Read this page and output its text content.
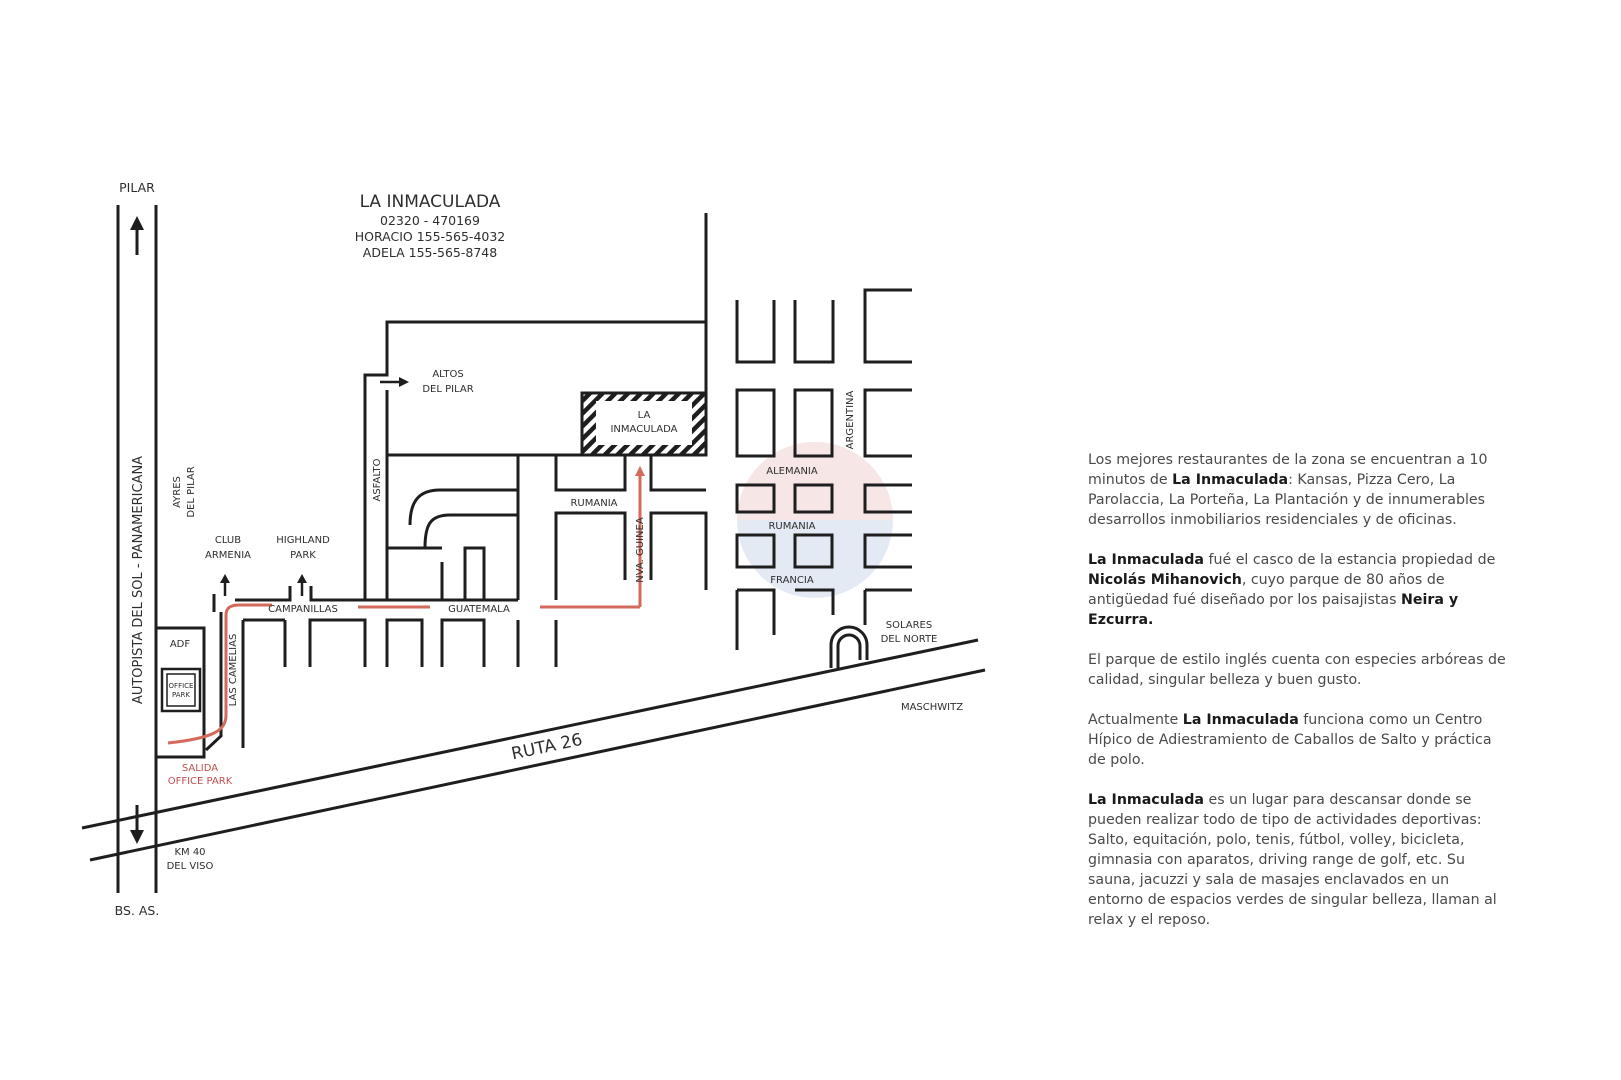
PILAR
BS. AS.
AUTOPISTA DEL SOL - PANAMERICANA
LA INMACULADA
02320 - 470169
HORACIO 155-565-4032
ADELA 155-565-8748
ALTOS
DEL PILAR
LA
INMACULADA
AYRES DEL PILAR
CLUB
ARMENIA
HIGHLAND
PARK
ASFALTO
CAMPANILLAS	GUATEMALA
RUMANIA
NVA. GUINEA
ALEMANIA
RUMANIA
FRANCIA
ARGENTINA
ADF
OFFICE
PARK	LAS CAMELIAS
SALIDA
OFFICE PARK
SOLARES
DEL NORTE
MASCHWITZ
RUTA 26
KM 40
DEL VISO

Los mejores restaurantes de la zona se encuentran a 10 minutos de La Inmaculada: Kansas, Pizza Cero, La Parolaccia, La Porteña, La Plantación y de innumerables desarrollos inmobiliarios residenciales y de oficinas.

La Inmaculada fué el casco de la estancia propiedad de Nicolás Mihanovich, cuyo parque de 80 años de antigüedad fué diseñado por los paisajistas Neira y Ezcurra.

El parque de estilo inglés cuenta con especies arbóreas de calidad, singular belleza y buen gusto.

Actualmente La Inmaculada funciona como un Centro Hípico de Adiestramiento de Caballos de Salto y práctica de polo.

La Inmaculada es un lugar para descansar donde se pueden realizar todo de tipo de actividades deportivas: Salto, equitación, polo, tenis, fútbol, volley, bicicleta, gimnasia con aparatos, driving range de golf, etc. Su sauna, jacuzzi y sala de masajes enclavados en un entorno de espacios verdes de singular belleza, llaman al relax y el reposo.
